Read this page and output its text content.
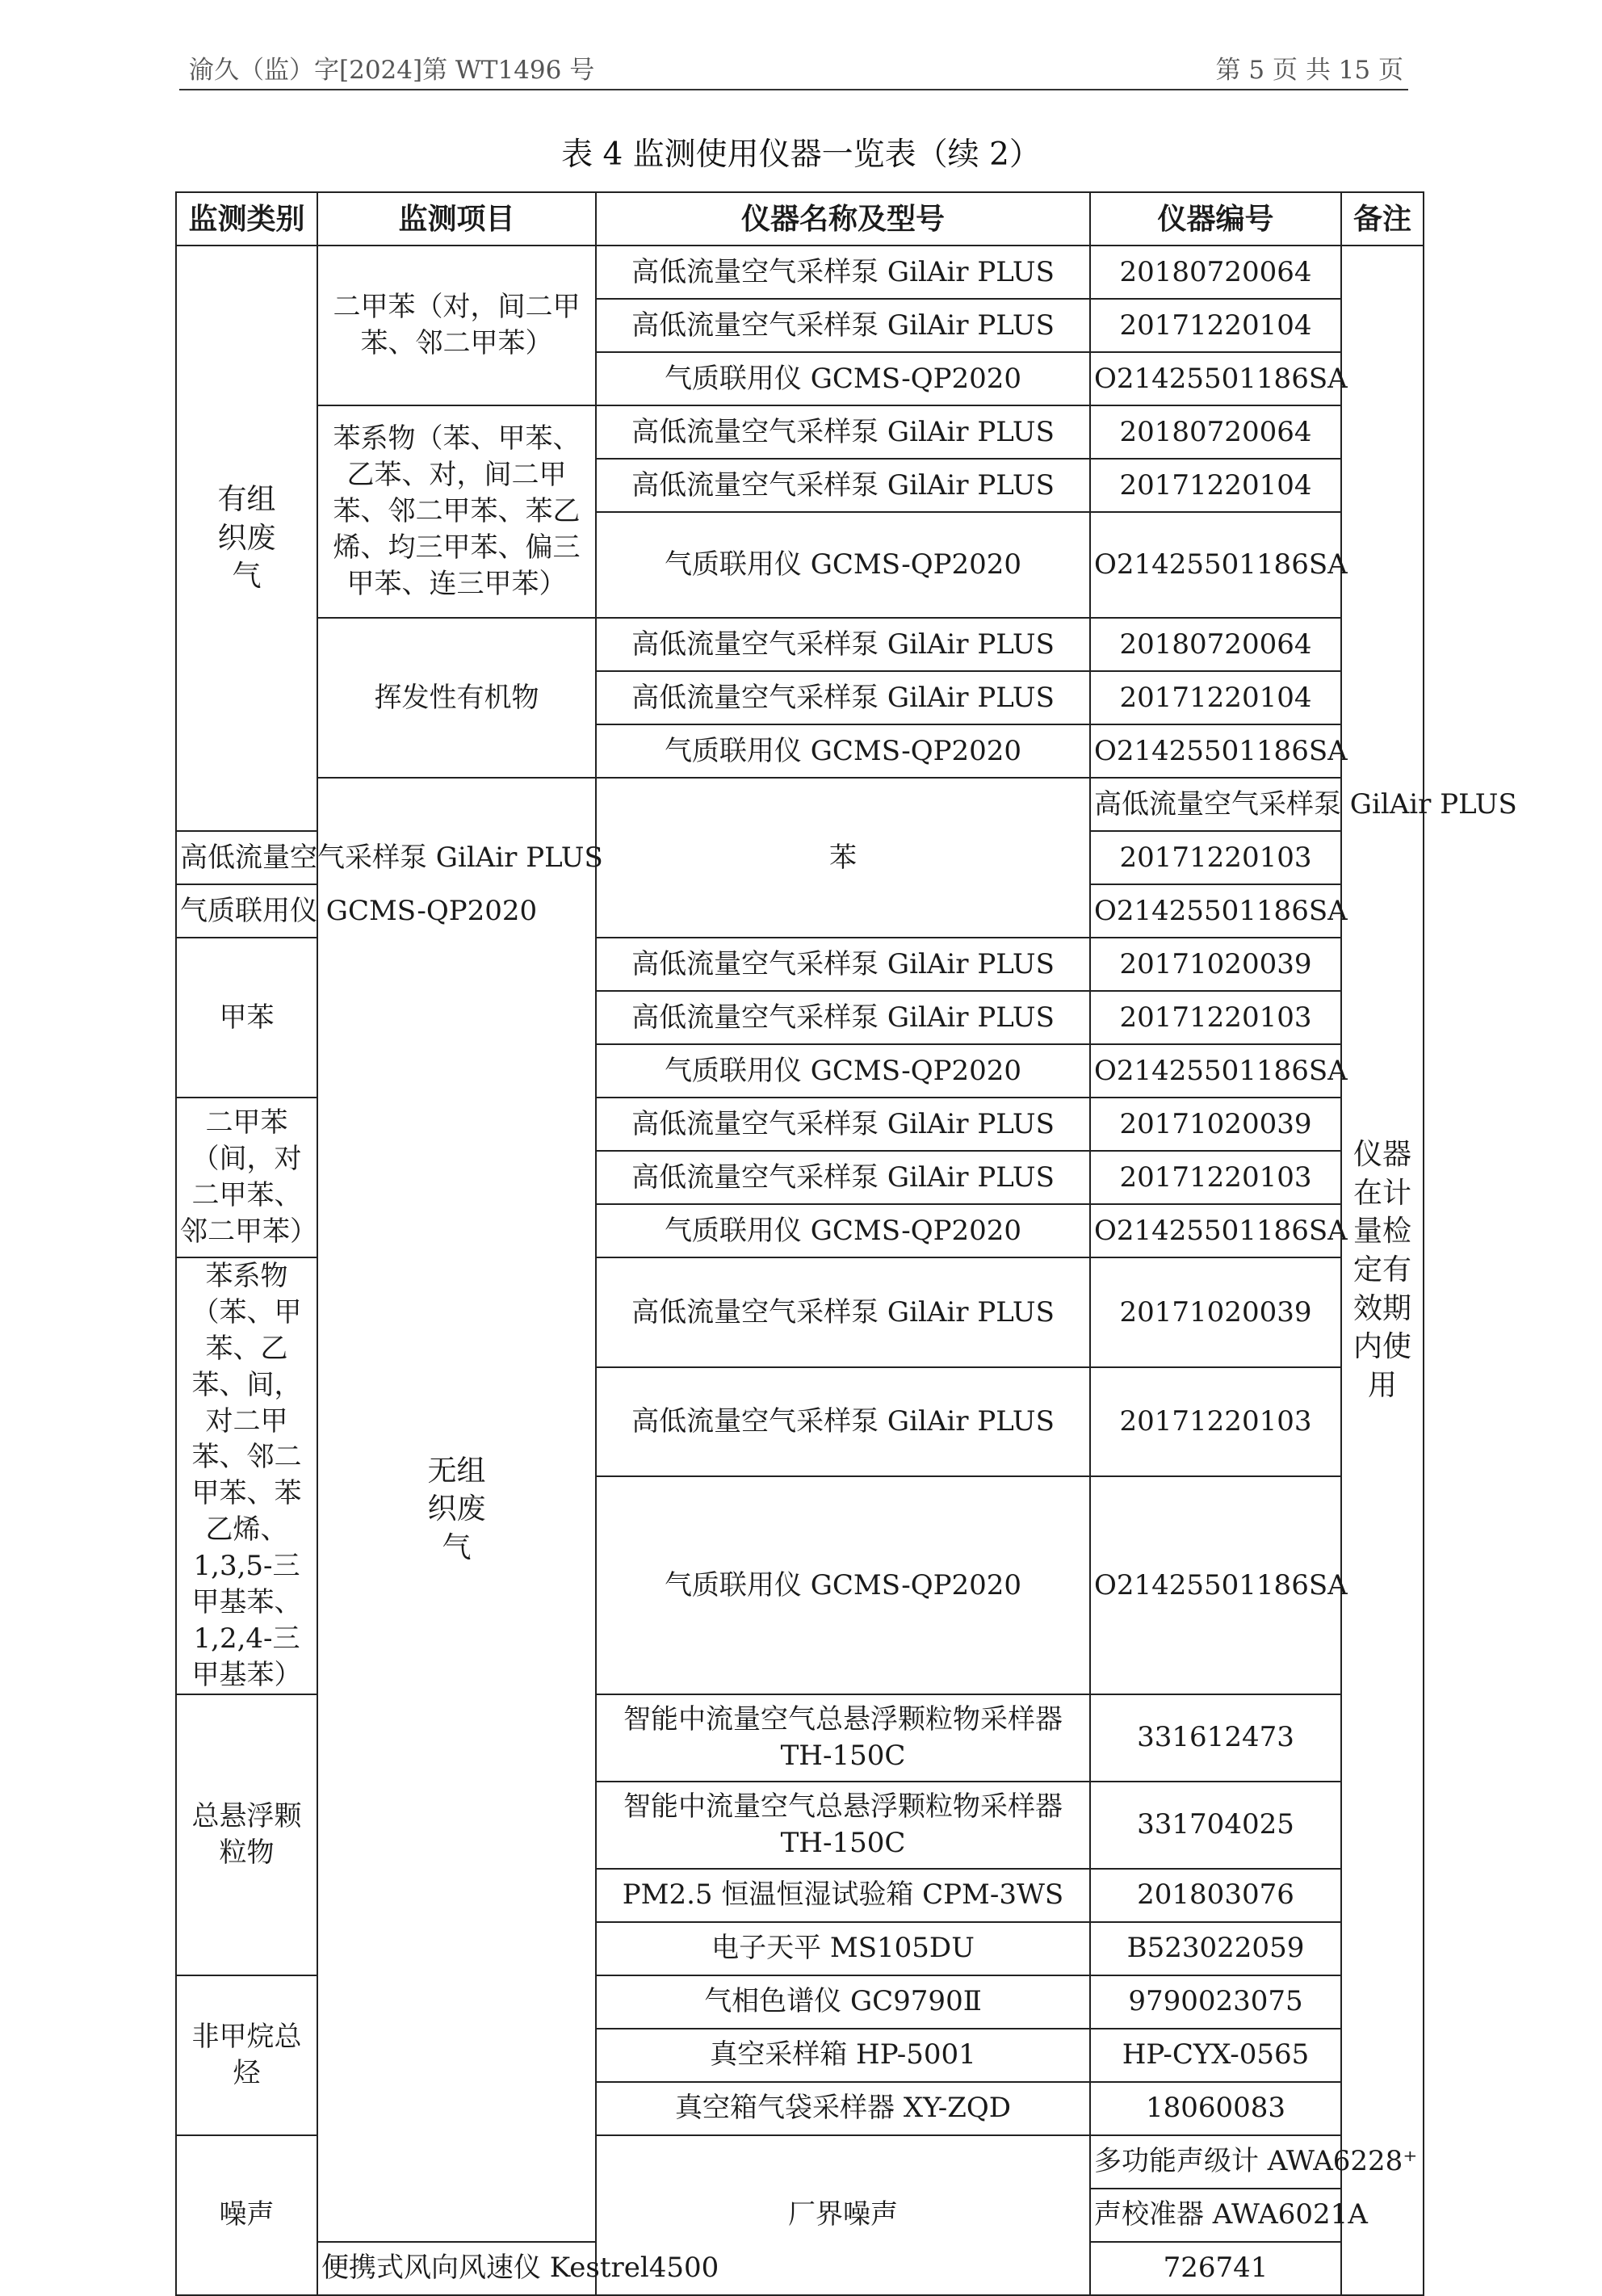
渝久（监）字[2024]第 WT1496 号	第 5 页 共 15 页
表 4 监测使用仪器一览表（续 2）
监测类别	监测项目	仪器名称及型号	仪器编号	备注	
有组织废气	二甲苯（对，间二甲苯、邻二甲苯）	高低流量空气采样泵 GilAir PLUS	20180720064	仪器在计量检定有效期内使用	
		高低流量空气采样泵 GilAir PLUS	20171220104		
		气质联用仪 GCMS-QP2020	O21425501186SA		
	苯系物（苯、甲苯、乙苯、对，间二甲苯、邻二甲苯、苯乙烯、均三甲苯、偏三甲苯、连三甲苯）	高低流量空气采样泵 GilAir PLUS	20180720064		
		高低流量空气采样泵 GilAir PLUS	20171220104		
		气质联用仪 GCMS-QP2020	O21425501186SA		
	挥发性有机物	高低流量空气采样泵 GilAir PLUS	20180720064		
		高低流量空气采样泵 GilAir PLUS	20171220104		
		气质联用仪 GCMS-QP2020	O21425501186SA		
	无组织废气	苯	高低流量空气采样泵 GilAir PLUS	
高低流量空气采样泵 GilAir PLUS			20171220103		
气质联用仪 GCMS-QP2020			O21425501186SA		
甲苯		高低流量空气采样泵 GilAir PLUS	20171020039		
		高低流量空气采样泵 GilAir PLUS	20171220103		
		气质联用仪 GCMS-QP2020	O21425501186SA		
二甲苯（间，对二甲苯、邻二甲苯）		高低流量空气采样泵 GilAir PLUS	20171020039		
		高低流量空气采样泵 GilAir PLUS	20171220103		
		气质联用仪 GCMS-QP2020	O21425501186SA		
苯系物（苯、甲苯、乙苯、间，对二甲苯、邻二甲苯、苯乙烯、1,3,5-三甲基苯、1,2,4-三甲基苯）		高低流量空气采样泵 GilAir PLUS	20171020039		
		高低流量空气采样泵 GilAir PLUS	20171220103		
		气质联用仪 GCMS-QP2020	O21425501186SA		
总悬浮颗粒物		智能中流量空气总悬浮颗粒物采样器 TH-150C	331612473		
		智能中流量空气总悬浮颗粒物采样器 TH-150C	331704025		
		PM2.5 恒温恒湿试验箱 CPM-3WS	201803076		
		电子天平 MS105DU	B523022059		
非甲烷总烃		气相色谱仪 GC9790Ⅱ	9790023075		
		真空采样箱 HP-5001	HP-CYX-0565		
		真空箱气袋采样器 XY-ZQD	18060083		
噪声		厂界噪声	多功能声级计 AWA6228⁺	
			声校准器 AWA6021A	
	便携式风向风速仪 Kestrel4500		726741		
